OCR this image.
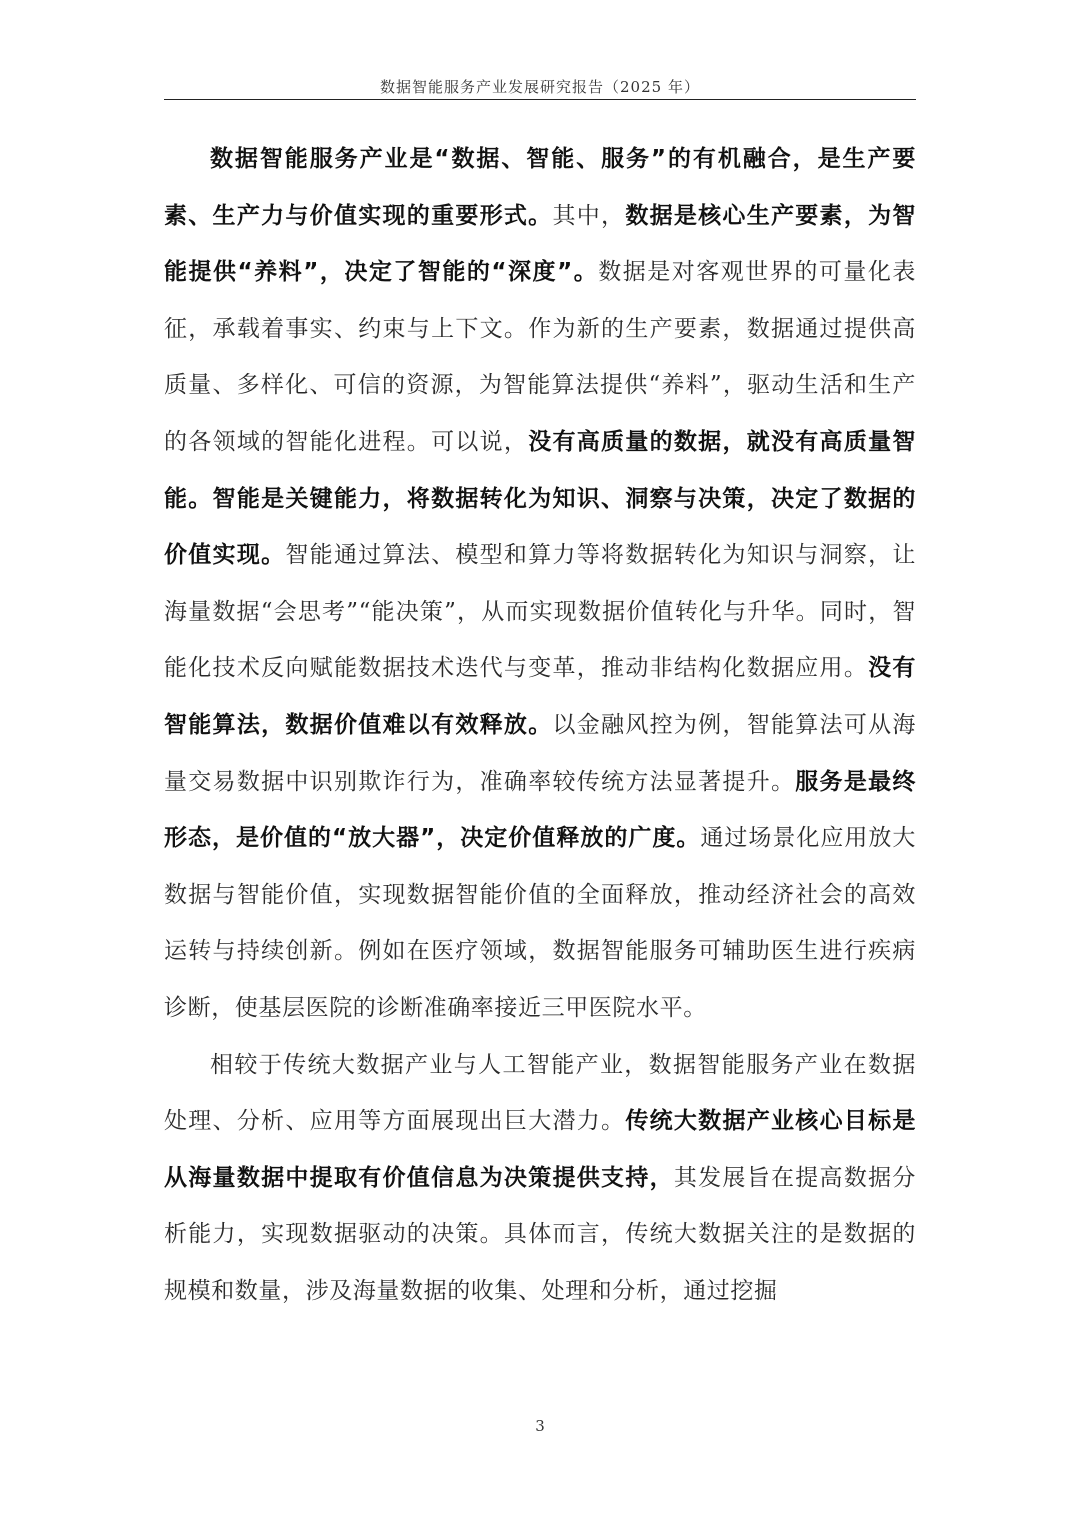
数据智能服务产业发展研究报告（2025 年）

数据智能服务产业是“数据、智能、服务”的有机融合，是生产要素、生产力与价值实现的重要形式。其中，数据是核心生产要素，为智能提供“养料”，决定了智能的“深度”。数据是对客观世界的可量化表征，承载着事实、约束与上下文。作为新的生产要素，数据通过提供高质量、多样化、可信的资源，为智能算法提供“养料”，驱动生活和生产的各领域的智能化进程。可以说，没有高质量的数据，就没有高质量智能。智能是关键能力，将数据转化为知识、洞察与决策，决定了数据的价值实现。智能通过算法、模型和算力等将数据转化为知识与洞察，让海量数据“会思考”“能决策”，从而实现数据价值转化与升华。同时，智能化技术反向赋能数据技术迭代与变革，推动非结构化数据应用。没有智能算法，数据价值难以有效释放。以金融风控为例，智能算法可从海量交易数据中识别欺诈行为，准确率较传统方法显著提升。服务是最终形态，是价值的“放大器”，决定价值释放的广度。通过场景化应用放大数据与智能价值，实现数据智能价值的全面释放，推动经济社会的高效运转与持续创新。例如在医疗领域，数据智能服务可辅助医生进行疾病诊断，使基层医院的诊断准确率接近三甲医院水平。

相较于传统大数据产业与人工智能产业，数据智能服务产业在数据处理、分析、应用等方面展现出巨大潜力。传统大数据产业核心目标是从海量数据中提取有价值信息为决策提供支持，其发展旨在提高数据分析能力，实现数据驱动的决策。具体而言，传统大数据关注的是数据的规模和数量，涉及海量数据的收集、处理和分析，通过挖掘

3
